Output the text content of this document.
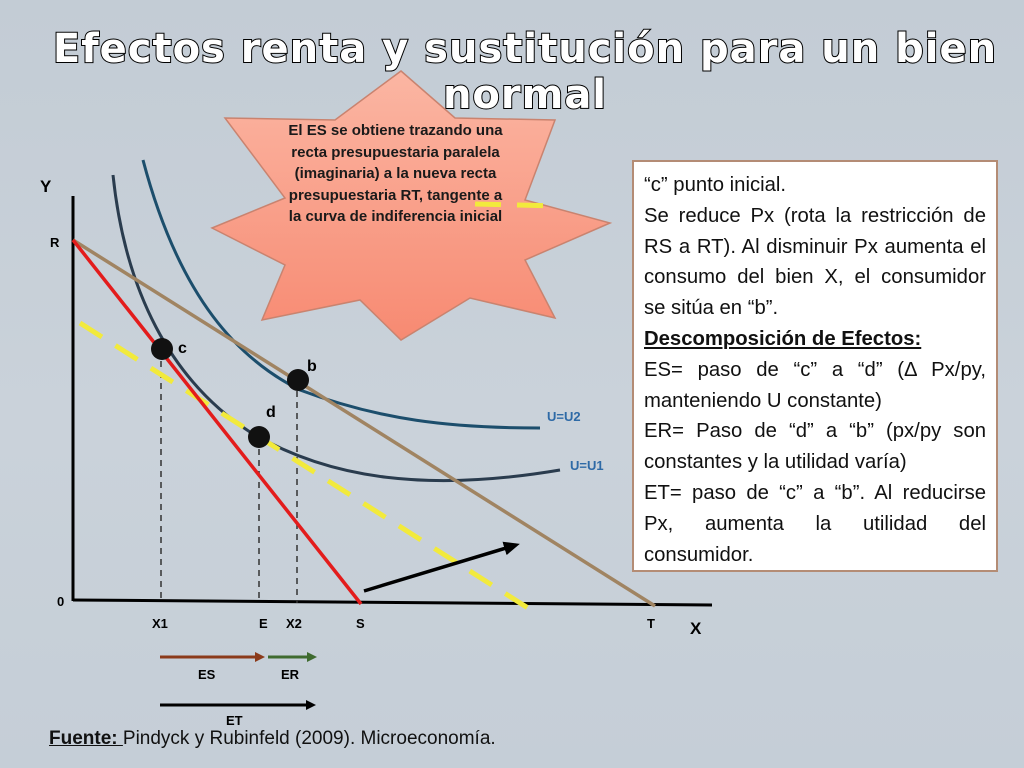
Efectos renta y sustitución para un bien normal
Y
R
0
X
c
b
d	U=U2
U=U1
X1	E X2	S	T
ES	ER
ET
El ES se obtiene trazando una recta presupuestaria paralela (imaginaria) a la nueva recta presupuestaria RT, tangente a la curva de indiferencia inicial

“c” punto inicial.

Se reduce Px (rota la restricción de RS a RT). Al disminuir Px aumenta el consumo del bien X, el consumidor se sitúa en “b”.

Descomposición de Efectos:

ES= paso de “c” a “d” (Δ Px/py, manteniendo U constante)

ER= Paso de “d” a “b” (px/py son constantes y la utilidad varía)

ET= paso de “c” a “b”. Al reducirse Px, aumenta la utilidad del consumidor.

Fuente: Pindyck y Rubinfeld (2009). Microeconomía.
